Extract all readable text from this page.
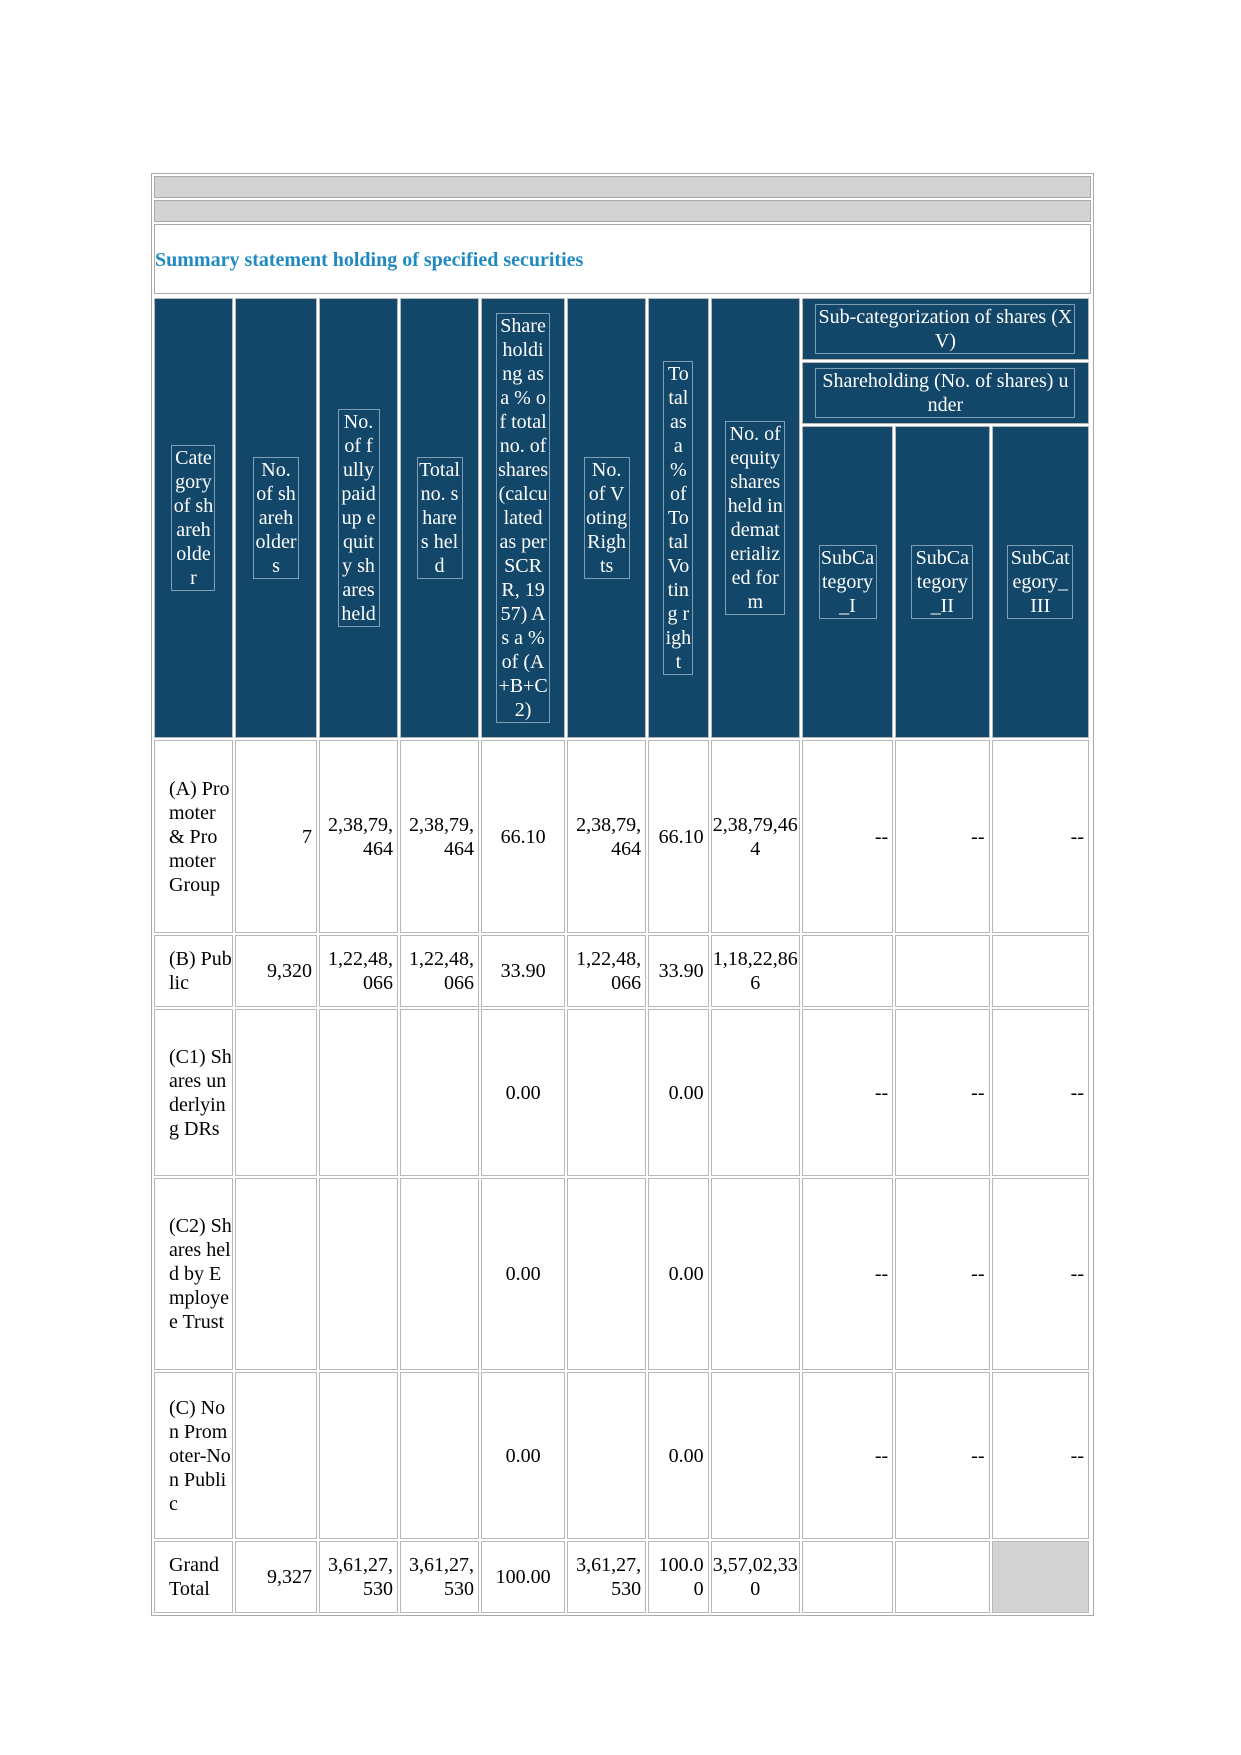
Summary statement holding of specified securities
Category of shareholder	No. of shareholders	No. of fully paid up equity shares held	Total no. shares held	Shareholding as a % of total no. of shares (calculated as per SCRR, 1957) As a % of (A+B+C2)	No. of Voting Rights	Total as a % of Total Voting right	No. of equity shares held in dematerialized form	Sub-categorization of shares (XV)		
								Shareholding (No. of shares) under		
								SubCategory_I	SubCategory_II	SubCategory_III
(A) Promoter & Promoter Group	7	2,38,79,464	2,38,79,464	66.10	2,38,79,464	66.10	2,38,79,464	--	--	--
(B) Public	9,320	1,22,48,066	1,22,48,066	33.90	1,22,48,066	33.90	1,18,22,866			
(C1) Shares underlying DRs				0.00		0.00		--	--	--
(C2) Shares held by Employee Trust				0.00		0.00		--	--	--
(C) Non Promoter-Non Public				0.00		0.00		--	--	--
Grand Total	9,327	3,61,27,530	3,61,27,530	100.00	3,61,27,530	100.00	3,57,02,330			
